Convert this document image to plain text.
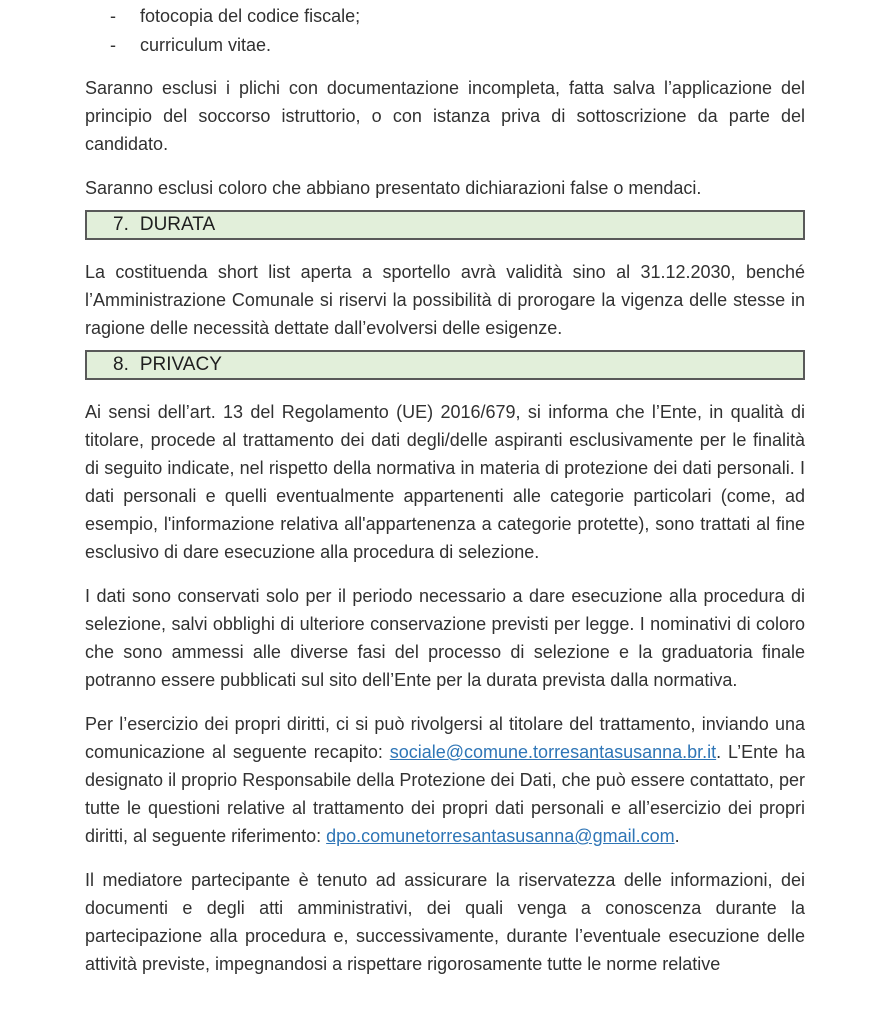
-	fotocopia del codice fiscale;
-	curriculum vitae.

Saranno esclusi i plichi con documentazione incompleta, fatta salva l’applicazione del principio del soccorso istruttorio, o con istanza priva di sottoscrizione da parte del candidato.

Saranno esclusi coloro che abbiano presentato dichiarazioni false o mendaci.

7. DURATA

La costituenda short list aperta a sportello avrà validità sino al 31.12.2030, benché l’Amministrazione Comunale si riservi la possibilità di prorogare la vigenza delle stesse in ragione delle necessità dettate dall’evolversi delle esigenze.

8. PRIVACY

Ai sensi dell’art. 13 del Regolamento (UE) 2016/679, si informa che l’Ente, in qualità di titolare, procede al trattamento dei dati degli/delle aspiranti esclusivamente per le finalità di seguito indicate, nel rispetto della normativa in materia di protezione dei dati personali. I dati personali e quelli eventualmente appartenenti alle categorie particolari (come, ad esempio, l'informazione relativa all'appartenenza a categorie protette), sono trattati al fine esclusivo di dare esecuzione alla procedura di selezione.

I dati sono conservati solo per il periodo necessario a dare esecuzione alla procedura di selezione, salvi obblighi di ulteriore conservazione previsti per legge. I nominativi di coloro che sono ammessi alle diverse fasi del processo di selezione e la graduatoria finale potranno essere pubblicati sul sito dell’Ente per la durata prevista dalla normativa.

Per l’esercizio dei propri diritti, ci si può rivolgersi al titolare del trattamento, inviando una comunicazione al seguente recapito: sociale@comune.torresantasusanna.br.it. L’Ente ha designato il proprio Responsabile della Protezione dei Dati, che può essere contattato, per tutte le questioni relative al trattamento dei propri dati personali e all’esercizio dei propri diritti, al seguente riferimento: dpo.comunetorresantasusanna@gmail.com.

Il mediatore partecipante è tenuto ad assicurare la riservatezza delle informazioni, dei documenti e degli atti amministrativi, dei quali venga a conoscenza durante la partecipazione alla procedura e, successivamente, durante l’eventuale esecuzione delle attività previste, impegnandosi a rispettare rigorosamente tutte le norme relative
